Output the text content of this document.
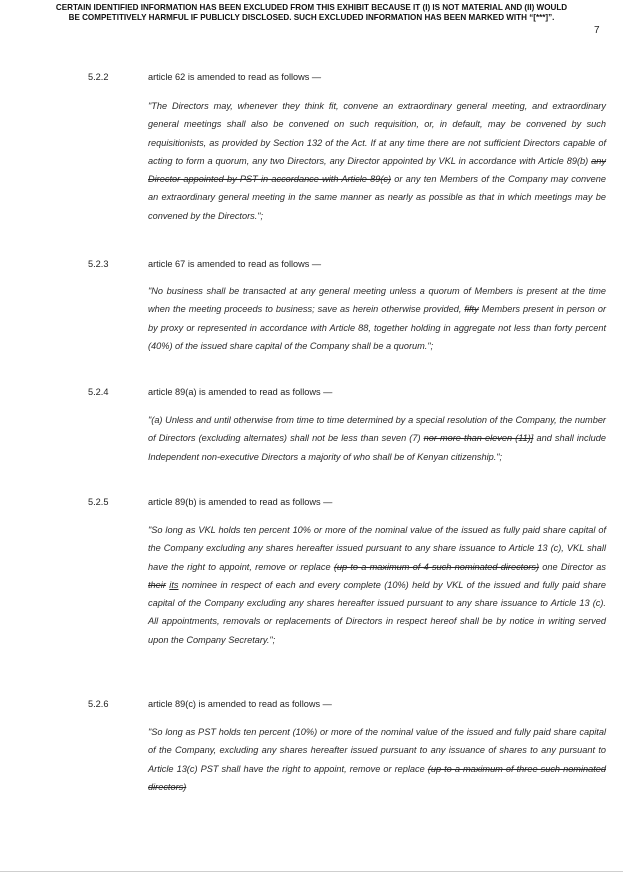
CERTAIN IDENTIFIED INFORMATION HAS BEEN EXCLUDED FROM THIS EXHIBIT BECAUSE IT (I) IS NOT MATERIAL AND (II) WOULD
BE COMPETITIVELY HARMFUL IF PUBLICLY DISCLOSED. SUCH EXCLUDED INFORMATION HAS BEEN MARKED WITH “[***]”.
7
5.2.2	article 62 is amended to read as follows —

"The Directors may, whenever they think fit, convene an extraordinary general meeting, and extraordinary general meetings shall also be convened on such requisition, or, in default, may be convened by such requisitionists, as provided by Section 132 of the Act. If at any time there are not sufficient Directors capable of acting to form a quorum, any two Directors, any Director appointed by VKL in accordance with Article 89(b) any Director appointed by PST in accordance with Article 89(c) or any ten Members of the Company may convene an extraordinary general meeting in the same manner as nearly as possible as that in which meetings may be convened by the Directors.";

5.2.3	article 67 is amended to read as follows —

"No business shall be transacted at any general meeting unless a quorum of Members is present at the time when the meeting proceeds to business; save as herein otherwise provided, fifty Members present in person or by proxy or represented in accordance with Article 88, together holding in aggregate not less than forty percent (40%) of the issued share capital of the Company shall be a quorum.";

5.2.4	article 89(a) is amended to read as follows —

"(a) Unless and until otherwise from time to time determined by a special resolution of the Company, the number of Directors (excluding alternates) shall not be less than seven (7) nor more than eleven (11)] and shall include Independent non-executive Directors a majority of who shall be of Kenyan citizenship.";

5.2.5	article 89(b) is amended to read as follows —

"So long as VKL holds ten percent 10% or more of the nominal value of the issued as fully paid share capital of the Company excluding any shares hereafter issued pursuant to any share issuance to Article 13 (c), VKL shall have the right to appoint, remove or replace (up to a maximum of 4 such nominated directors) one Director as their its nominee in respect of each and every complete (10%) held by VKL of the issued and fully paid share capital of the Company excluding any shares hereafter issued pursuant to any share issuance to Article 13 (c). All appointments, removals or replacements of Directors in respect hereof shall be by notice in writing served upon the Company Secretary.";

5.2.6	article 89(c) is amended to read as follows —

"So long as PST holds ten percent (10%) or more of the nominal value of the issued and fully paid share capital of the Company, excluding any shares hereafter issued pursuant to any issuance of shares to any pursuant to Article 13(c) PST shall have the right to appoint, remove or replace (up to a maximum of three such nominated directors)
